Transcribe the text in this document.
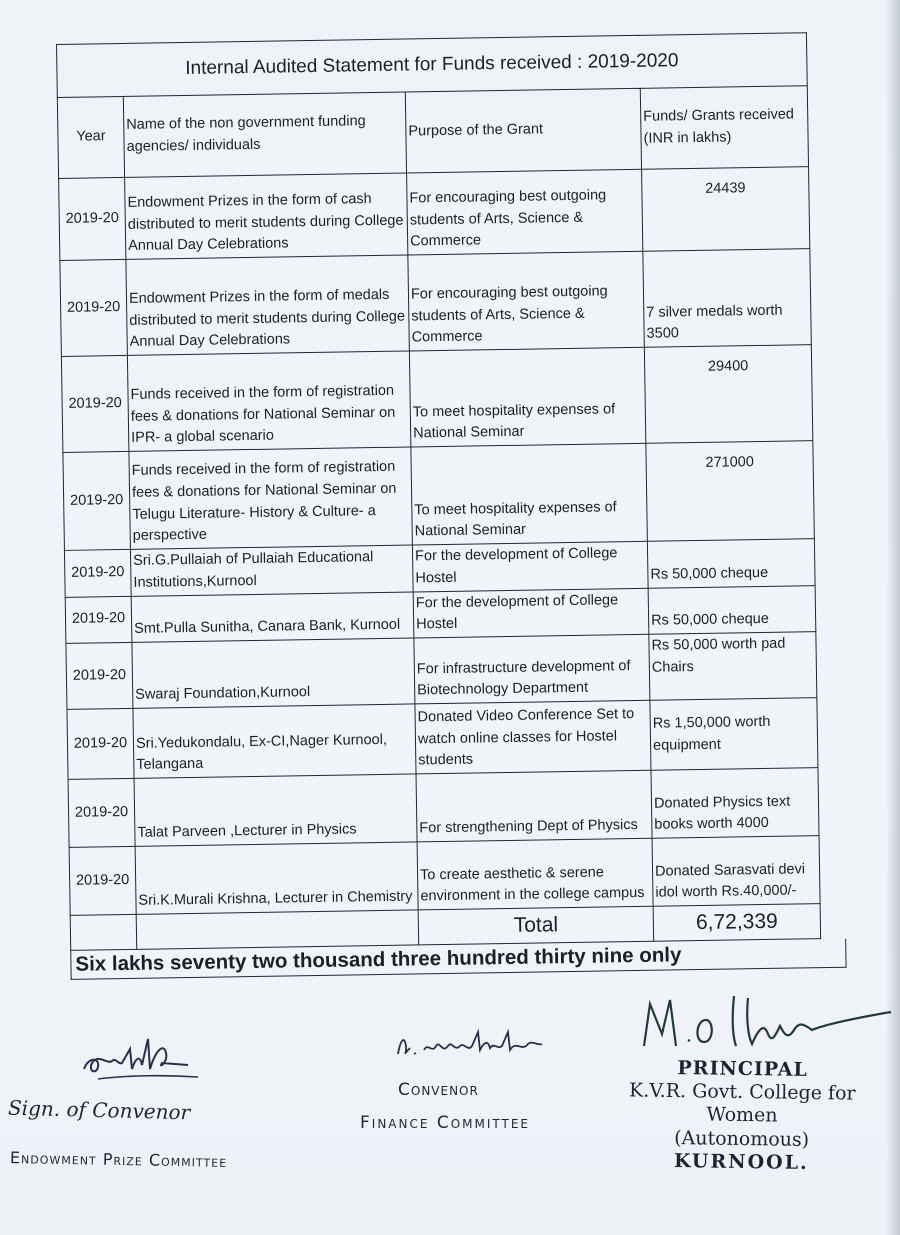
Internal Audited Statement for Funds received : 2019-2020			
Year	Name of the non government funding agencies/ individuals	Purpose of the Grant	Funds/ Grants received (INR in lakhs)
2019-20	Endowment Prizes in the form of cash distributed to merit students during College Annual Day Celebrations	For encouraging best outgoing students of Arts, Science & Commerce	24439
2019-20	Endowment Prizes in the form of medals distributed to merit students during College Annual Day Celebrations	For encouraging best outgoing students of Arts, Science & Commerce	7 silver medals worth 3500
2019-20	Funds received in the form of registration fees & donations for National Seminar on IPR- a global scenario	To meet hospitality expenses of National Seminar	29400
2019-20	Funds received in the form of registration fees & donations for National Seminar on Telugu Literature- History & Culture- a perspective	To meet hospitality expenses of National Seminar	271000
2019-20	Sri.G.Pullaiah of Pullaiah Educational Institutions,Kurnool	For the development of College Hostel	Rs 50,000 cheque
2019-20	Smt.Pulla Sunitha, Canara Bank, Kurnool	For the development of College Hostel	Rs 50,000 cheque
2019-20	Swaraj Foundation,Kurnool	For infrastructure development of Biotechnology Department	Rs 50,000 worth pad Chairs
2019-20	Sri.Yedukondalu, Ex-CI,Nager Kurnool, Telangana	Donated Video Conference Set to watch online classes for Hostel students	Rs 1,50,000 worth equipment
2019-20	Talat Parveen ,Lecturer in Physics	For strengthening Dept of Physics	Donated Physics text books worth 4000
2019-20	Sri.K.Murali Krishna, Lecturer in Chemistry	To create aesthetic & serene environment in the college campus	Donated Sarasvati devi idol worth Rs.40,000/-
		Total	6,72,339
Six lakhs seventy two thousand three hundred thirty nine only
Sign. of Convenor
Endowment Prize Committee
Convenor
Finance Committee
PRINCIPAL
K.V.R. Govt. College for Women
(Autonomous)
KURNOOL.
